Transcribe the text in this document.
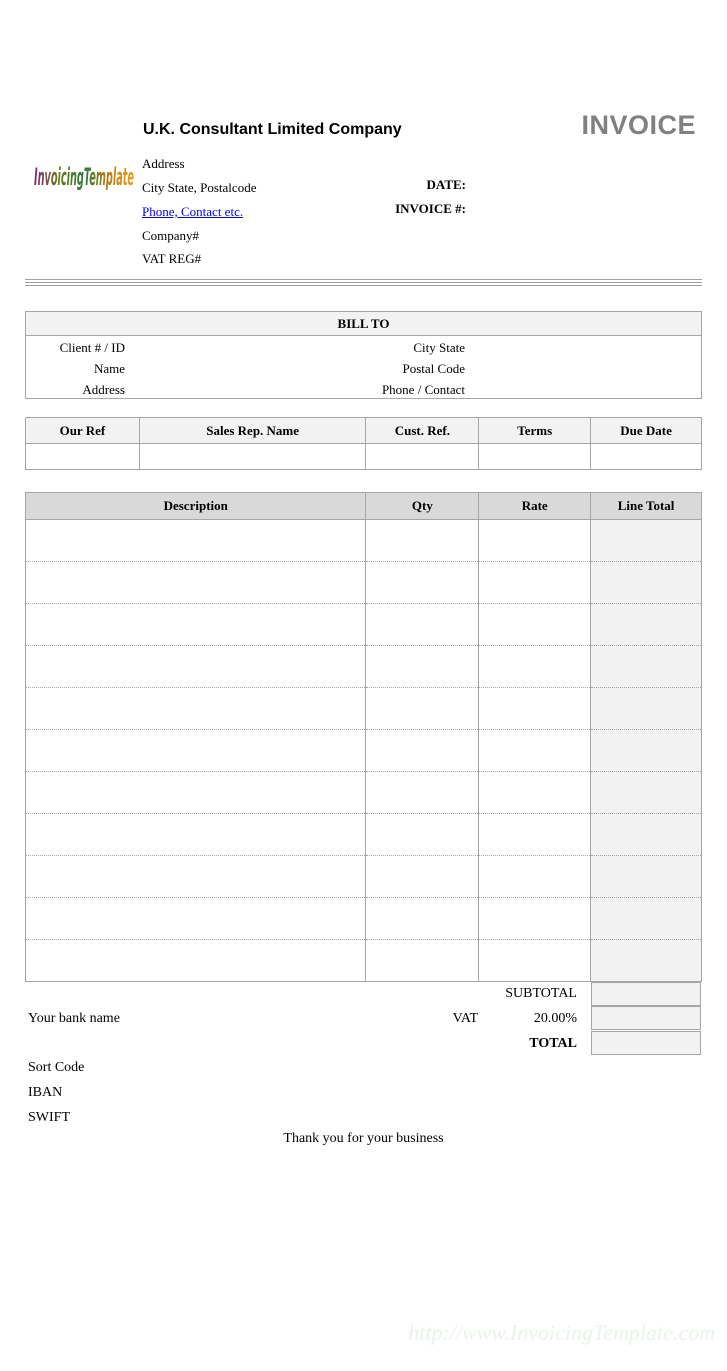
U.K. Consultant Limited Company	INVOICE
InvoicingTemplate Address
City State, Postalcode
Phone, Contact etc.
Company#
VAT REG#
DATE:
INVOICE #:
BILL TO
Client # / ID
Name
Address
City State
Postal Code
Phone / Contact
Our Ref	Sales Rep. Name	Cust. Ref.	Terms	Due Date

Description	Qty	Rate	Line Total

SUBTOTAL
VAT	20.00%
TOTAL
Your bank name
Sort Code
IBAN
SWIFT
Thank you for your business
http://www.InvoicingTemplate.com
